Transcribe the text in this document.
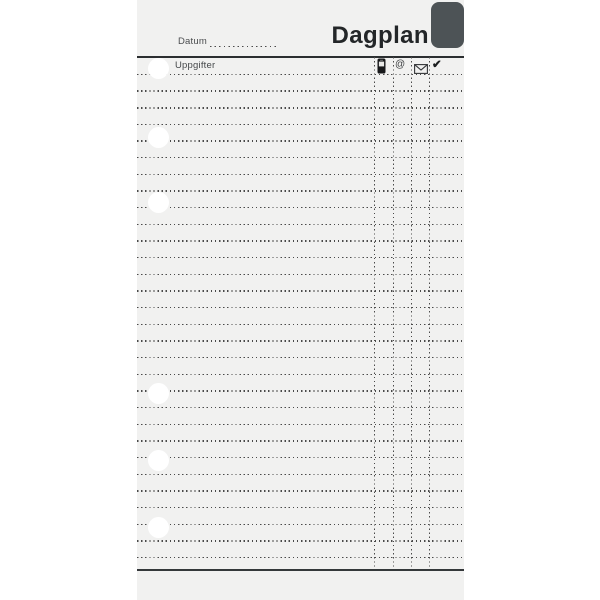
Datum	Dagplan
Uppgifter	@ ✔
